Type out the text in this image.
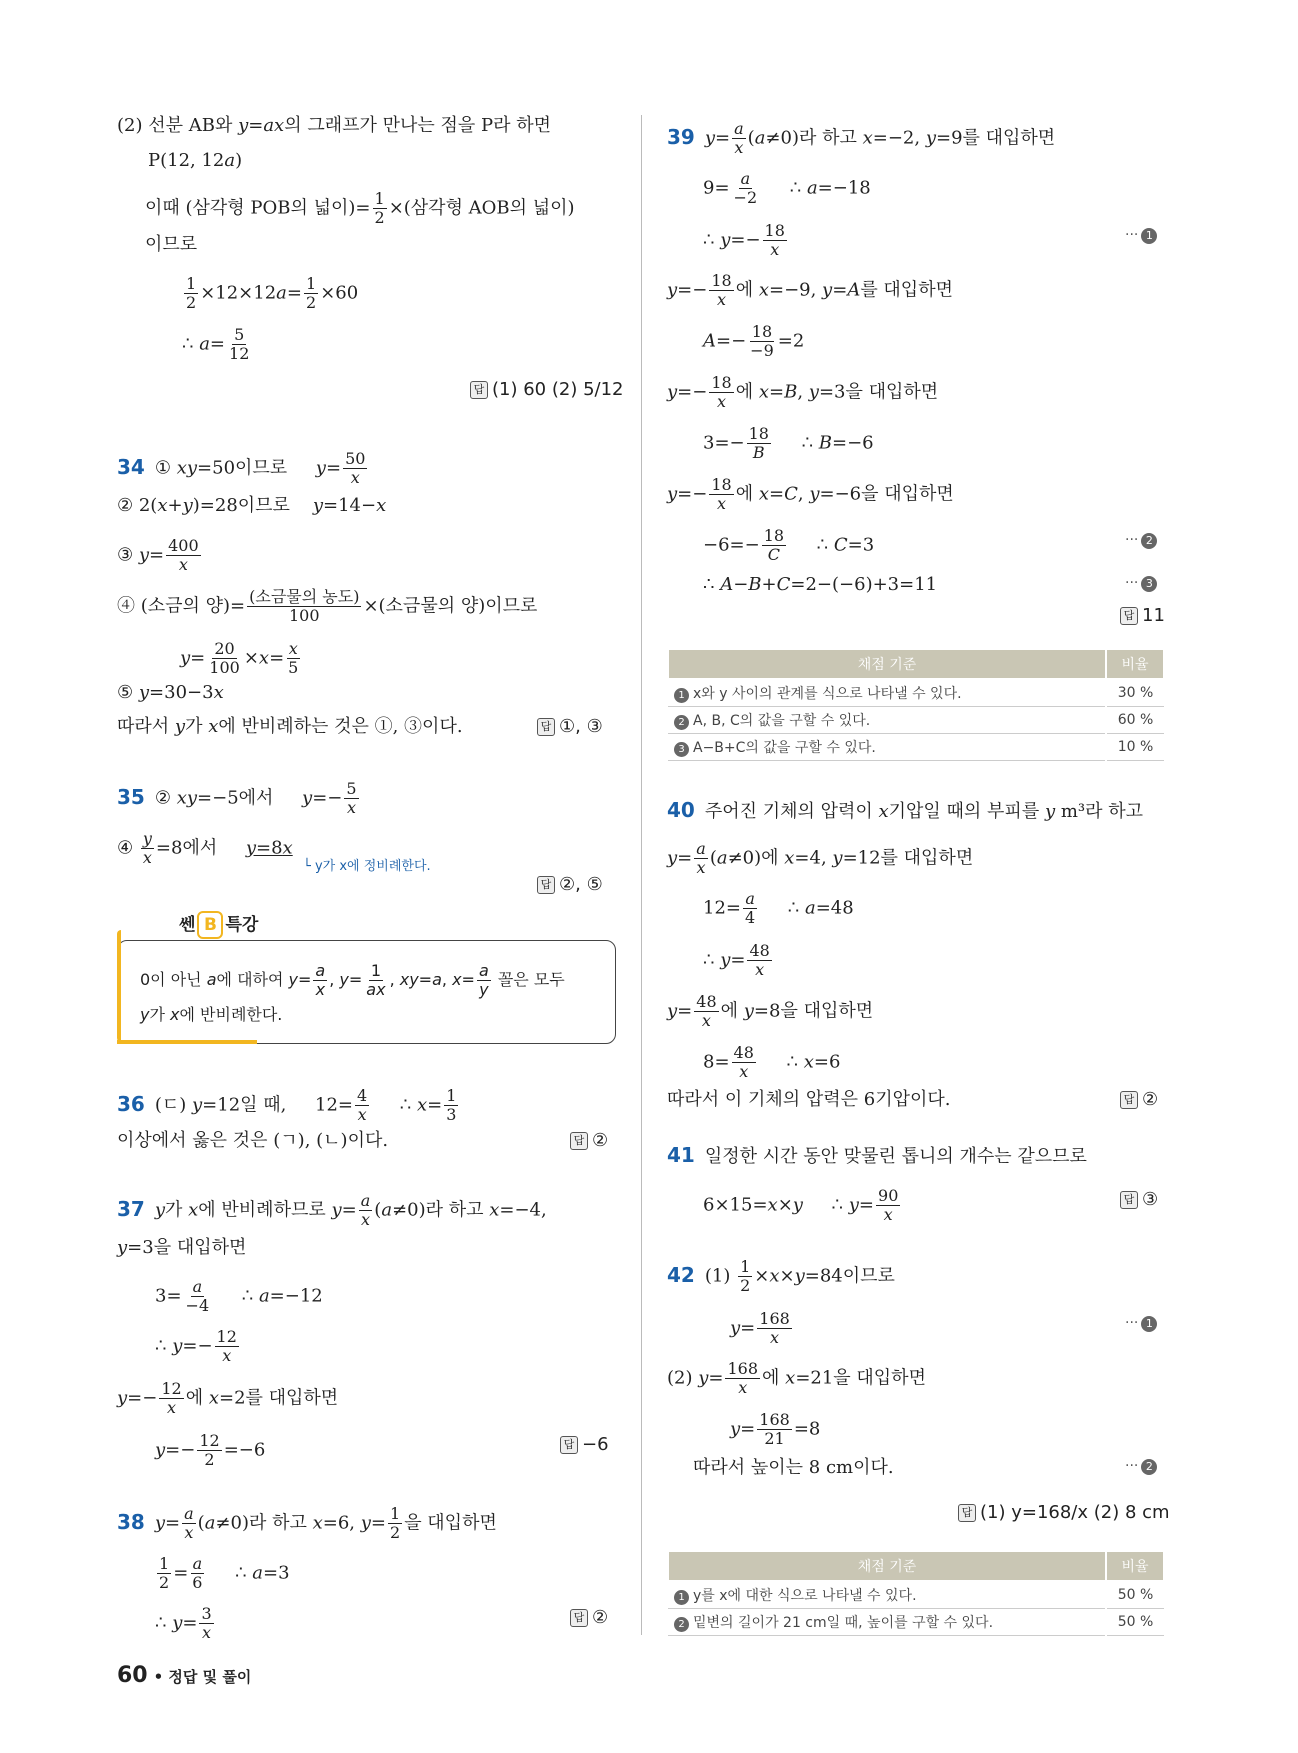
(2) 선분 AB와 y=ax의 그래프가 만나는 점을 P라 하면
P(12, 12a)
이때 (삼각형 POB의 넓이)= $\frac{1}{2}$ ×(삼각형 AOB의 넓이)
이므로
$\frac{1}{2} \times 12\times 12a= \frac{1}{2} \times 60$
∴ $a= \frac{5}{12}$
답 (1) 60 (2) 5/12
34 ① xy=50이므로     $y= \frac{50}{x}$
② 2(x+y)=28이므로    y=14−x
③ $y= \frac{400}{x}$
④ (소금의 양)= $\frac{\text{(소금물의 농도)}}{100}$ ×(소금물의 양)이므로
$y= \frac{20}{100} \times x= \frac{x}{5}$
⑤ y=30−3x
따라서 y가 x에 반비례하는 것은 ①, ③이다.	답 ①, ③
35 ② xy=−5에서     $y=- \frac{5}{x}$
④ $\frac{y}{x} =8$에서     y=8x
└ y가 x에 정비례한다.
답 ②, ⑤
쎈 B 특강
0이 아닌 a에 대하여 $y= \frac{a}{x}$ , $y= \frac{1}{ax}$ , xy=a, $x= \frac{a}{y}$ 꼴은 모두
y가 x에 반비례한다.
36 (ㄷ) y=12일 때,     $12= \frac{4}{x}$ ∴ $x= \frac{1}{3}$
이상에서 옳은 것은 (ㄱ), (ㄴ)이다.	답 ②
37 y가 x에 반비례하므로 $y= \frac{a}{x} (a\ne 0)$라 하고 x=−4,
y=3을 대입하면
$3= \frac{a}{-4}$ ∴ a=−12
∴ $y=- \frac{12}{x}$
$y=- \frac{12}{x}$ 에 x=2를 대입하면
$y=- \frac{12}{2} =-6$	답 −6
38 $y= \frac{a}{x} (a\ne 0)$라 하고 x=6, $y= \frac{1}{2}$ 을 대입하면
$\frac{1}{2} = \frac{a}{6}$ ∴ a=3
∴ $y= \frac{3}{x}$	답 ②
39 $y= \frac{a}{x} (a\ne 0)$라 하고 x=−2, y=9를 대입하면
$9= \frac{a}{-2}$ ∴ a=−18
∴ $y=- \frac{18}{x}$	··· 1
$y=- \frac{18}{x}$ 에 x=−9, y=A를 대입하면
$A=- \frac{18}{-9} =2$
$y=- \frac{18}{x}$ 에 x=B, y=3을 대입하면
$3=- \frac{18}{B}$ ∴ B=−6
$y=- \frac{18}{x}$ 에 x=C, y=−6을 대입하면
$-6=- \frac{18}{C}$ ∴ C=3	··· 2
∴ A−B+C=2−(−6)+3=11	··· 3
답 11
채점 기준	비율
1 x와 y 사이의 관계를 식으로 나타낼 수 있다.	30 %
2 A, B, C의 값을 구할 수 있다.	60 %
3 A−B+C의 값을 구할 수 있다.	10 %
40 주어진 기체의 압력이 x기압일 때의 부피를 y m³라 하고
$y= \frac{a}{x} (a\ne 0)$에 x=4, y=12를 대입하면
$12= \frac{a}{4}$ ∴ a=48
∴ $y= \frac{48}{x}$
$y= \frac{48}{x}$ 에 y=8을 대입하면
$8= \frac{48}{x}$ ∴ x=6
따라서 이 기체의 압력은 6기압이다.	답 ②
41 일정한 시간 동안 맞물린 톱니의 개수는 같으므로
6×15=x×y     ∴ $y= \frac{90}{x}$	답 ③
42 $(1) \frac{1}{2} \times x\times y=84$이므로
$y= \frac{168}{x}$	··· 1
(2) $y= \frac{168}{x}$ 에 x=21을 대입하면
$y= \frac{168}{21} =8$
따라서 높이는 8 cm이다.	··· 2
답 (1) y=168/x (2) 8 cm
채점 기준	비율
1 y를 x에 대한 식으로 나타낼 수 있다.	50 %
2 밑변의 길이가 21 cm일 때, 높이를 구할 수 있다.	50 %
60 • 정답 및 풀이
